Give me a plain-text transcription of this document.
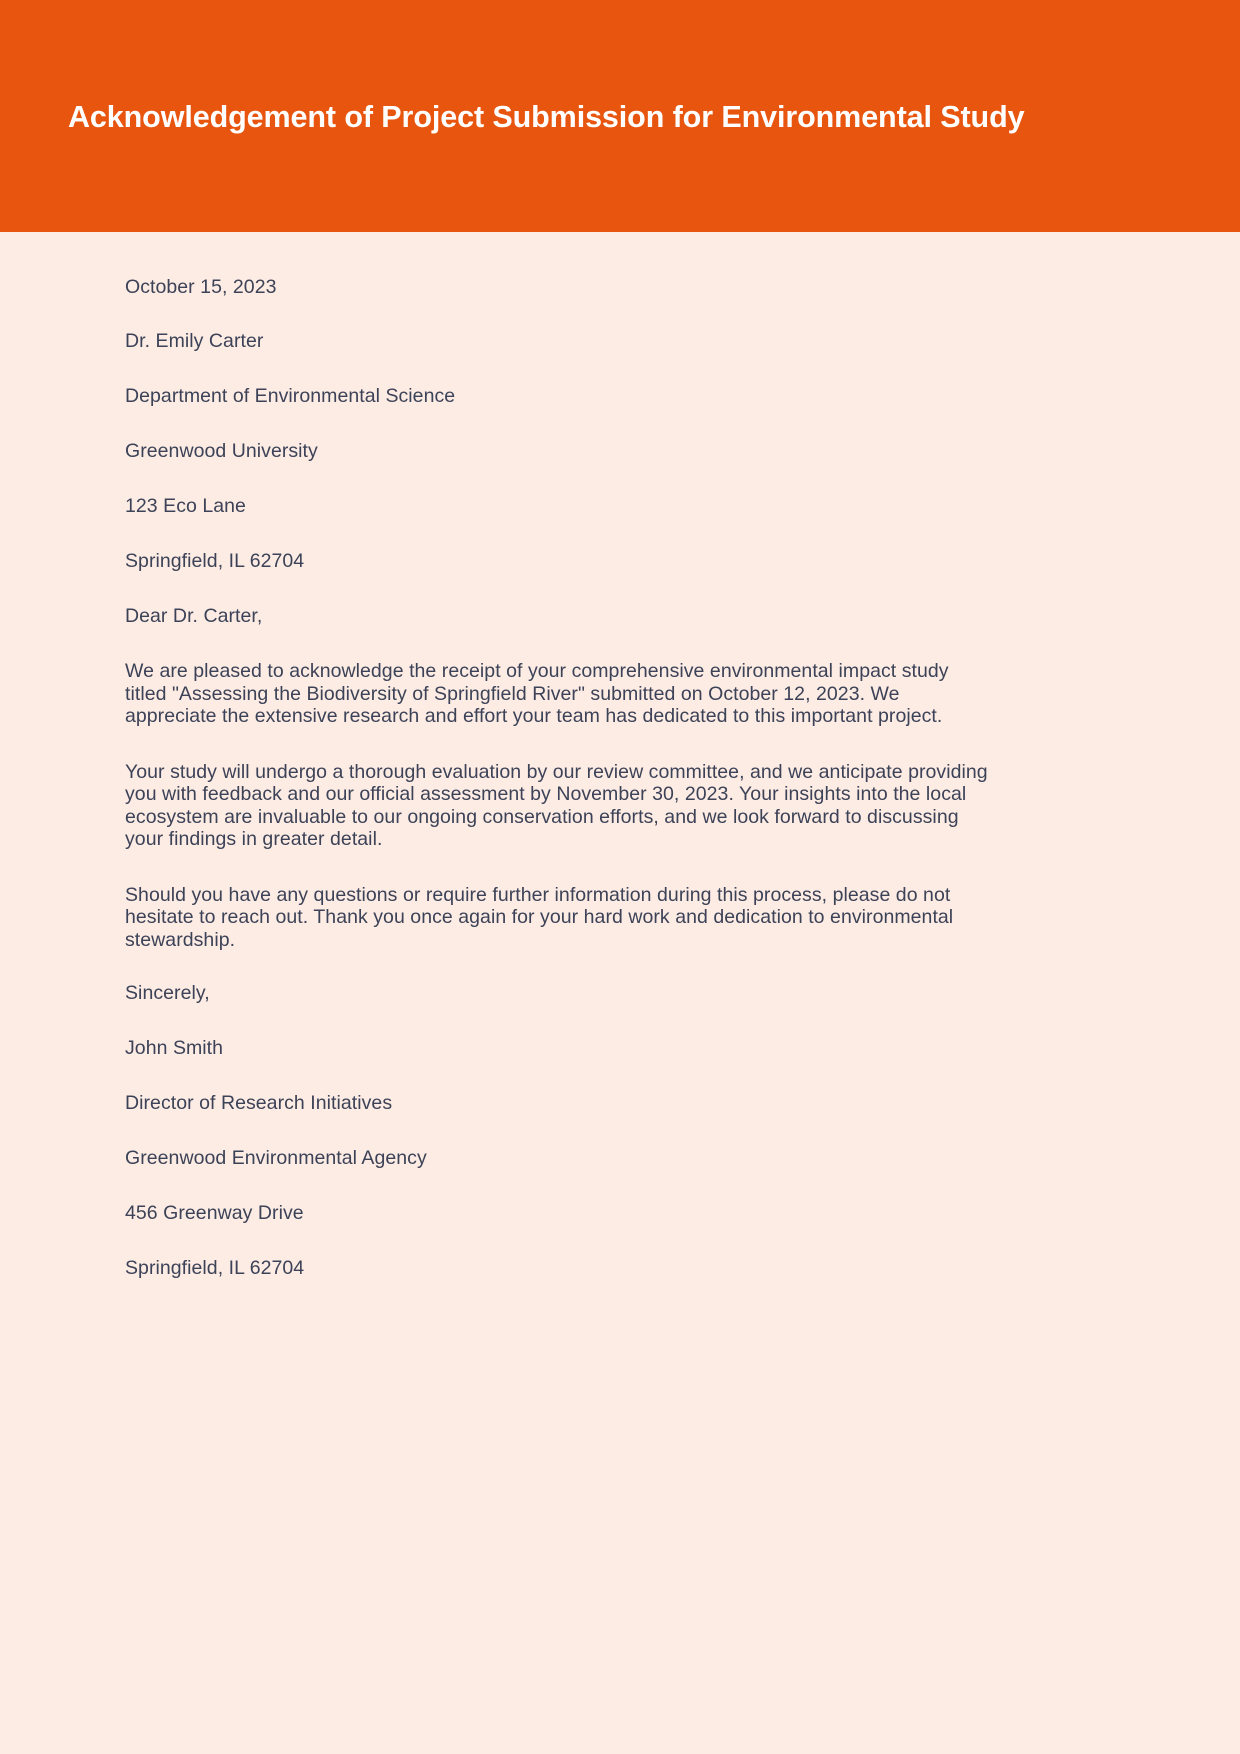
Acknowledgement of Project Submission for Environmental Study

October 15, 2023

Dr. Emily Carter

Department of Environmental Science

Greenwood University

123 Eco Lane

Springfield, IL 62704

Dear Dr. Carter,

We are pleased to acknowledge the receipt of your comprehensive environmental impact study titled "Assessing the Biodiversity of Springfield River" submitted on October 12, 2023. We appreciate the extensive research and effort your team has dedicated to this important project.

Your study will undergo a thorough evaluation by our review committee, and we anticipate providing you with feedback and our official assessment by November 30, 2023. Your insights into the local ecosystem are invaluable to our ongoing conservation efforts, and we look forward to discussing your findings in greater detail.

Should you have any questions or require further information during this process, please do not hesitate to reach out. Thank you once again for your hard work and dedication to environmental stewardship.

Sincerely,

John Smith

Director of Research Initiatives

Greenwood Environmental Agency

456 Greenway Drive

Springfield, IL 62704
